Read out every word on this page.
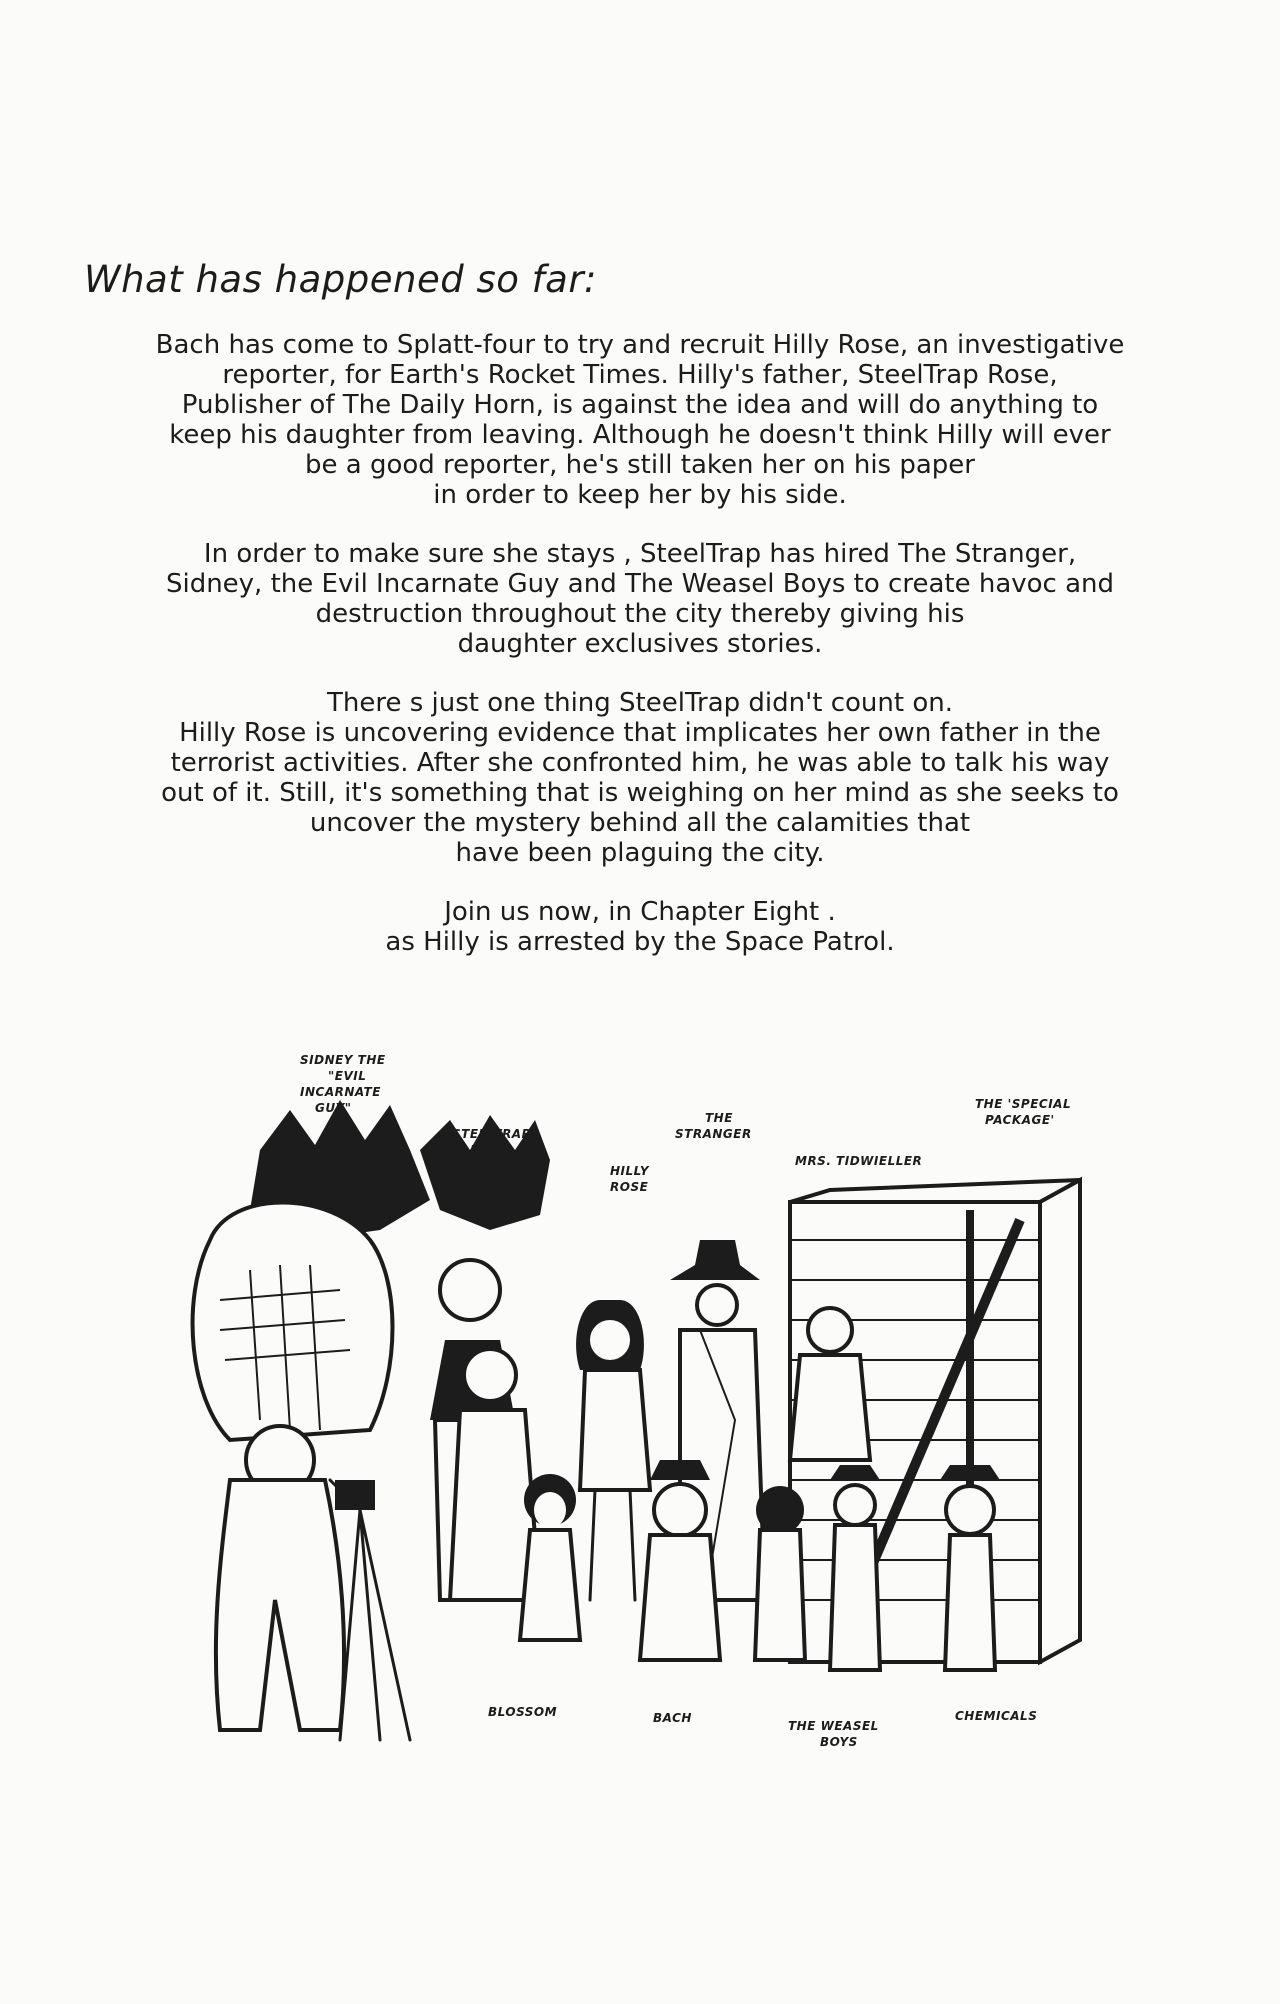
What has happened so far:

Bach has come to Splatt-four to try and recruit Hilly Rose, an investigative
reporter, for Earth's Rocket Times. Hilly's father, SteelTrap Rose,
Publisher of The Daily Horn, is against the idea and will do anything to
keep his daughter from leaving. Although he doesn't think Hilly will ever
be a good reporter, he's still taken her on his paper
in order to keep her by his side.

In order to make sure she stays , SteelTrap has hired The Stranger,
Sidney, the Evil Incarnate Guy and The Weasel Boys to create havoc and
destruction throughout the city thereby giving his
daughter exclusives stories.

There s just one thing SteelTrap didn't count on.
Hilly Rose is uncovering evidence that implicates her own father in the
terrorist activities. After she confronted him, he was able to talk his way
out of it. Still, it's something that is weighing on her mind as she seeks to
uncover the mystery behind all the calamities that
have been plaguing the city.

Join us now, in Chapter Eight .
as Hilly is arrested by the Space Patrol.

SIDNEY THE
"EVIL
INCARNATE
GUY"
STEELTRAP
ROSE
HILLY
ROSE
THE
STRANGER
MRS. TIDWIELLER
THE 'SPECIAL
PACKAGE'
BLOSSOM	BACH
THE WEASEL
BOYS
CHEMICALS
